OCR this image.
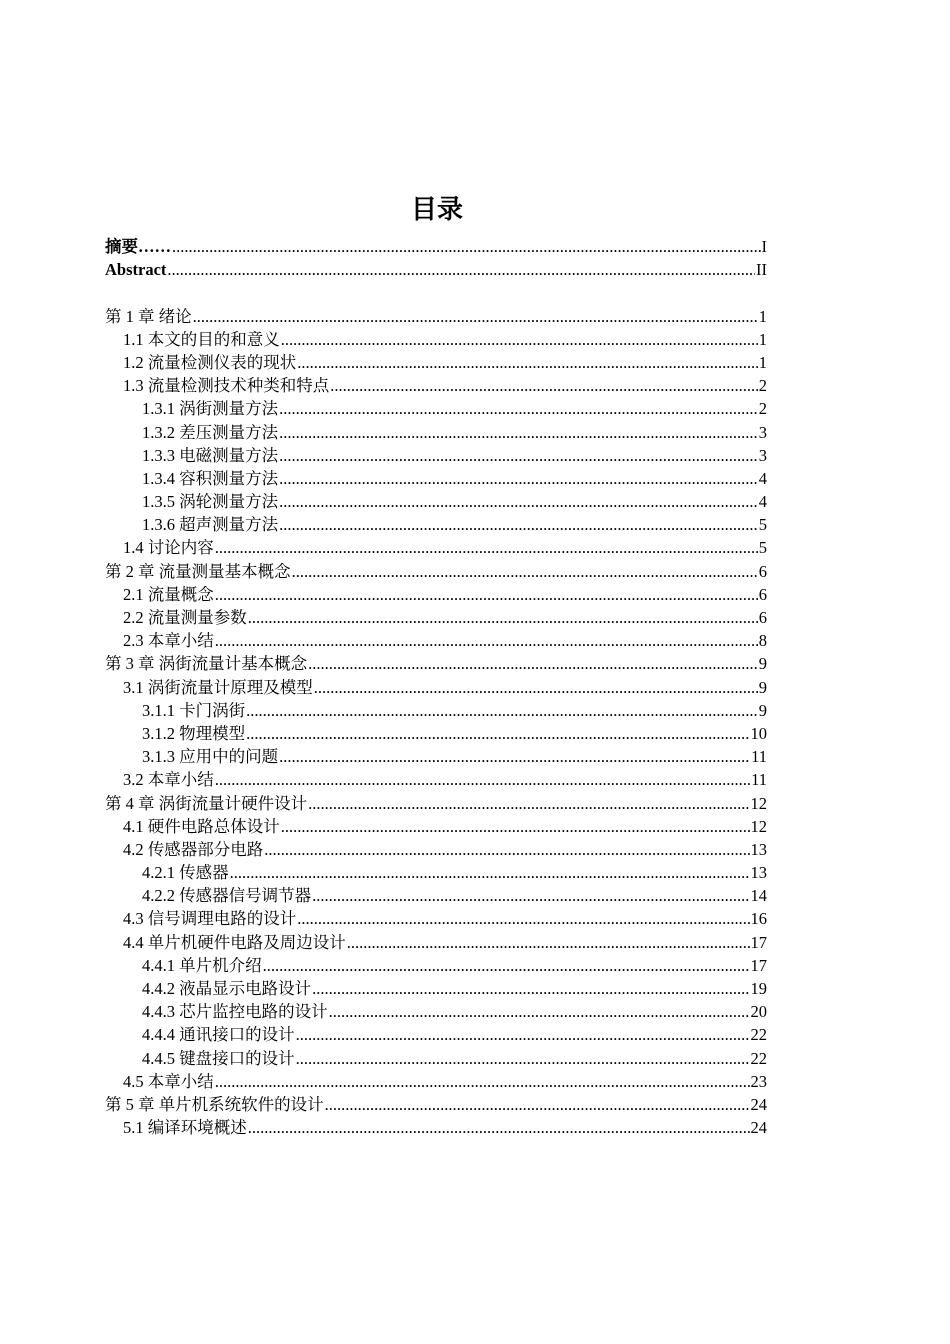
目录
摘要…… .....	I
Abstract .....	II
第 1 章 绪论 .....	1
1.1 本文的目的和意义 .....	1
1.2 流量检测仪表的现状 .....	1
1.3 流量检测技术种类和特点 .....	2
1.3.1 涡街测量方法 .....	2
1.3.2 差压测量方法 .....	3
1.3.3 电磁测量方法 .....	3
1.3.4 容积测量方法 .....	4
1.3.5 涡轮测量方法 .....	4
1.3.6 超声测量方法 .....	5
1.4 讨论内容 .....	5
第 2 章 流量测量基本概念 .....	6
2.1 流量概念 .....	6
2.2 流量测量参数 .....	6
2.3 本章小结 .....	8
第 3 章 涡街流量计基本概念 .....	9
3.1 涡街流量计原理及模型 .....	9
3.1.1 卡门涡街 .....	9
3.1.2 物理模型 .....	10
3.1.3 应用中的问题 .....	11
3.2 本章小结 .....	11
第 4 章 涡街流量计硬件设计 .....	12
4.1 硬件电路总体设计 .....	12
4.2 传感器部分电路 .....	13
4.2.1 传感器 .....	13
4.2.2 传感器信号调节器 .....	14
4.3 信号调理电路的设计 .....	16
4.4 单片机硬件电路及周边设计 .....	17
4.4.1 单片机介绍 .....	17
4.4.2 液晶显示电路设计 .....	19
4.4.3 芯片监控电路的设计 .....	20
4.4.4 通讯接口的设计 .....	22
4.4.5 键盘接口的设计 .....	22
4.5 本章小结 .....	23
第 5 章 单片机系统软件的设计 .....	24
5.1 编译环境概述 .....	24
